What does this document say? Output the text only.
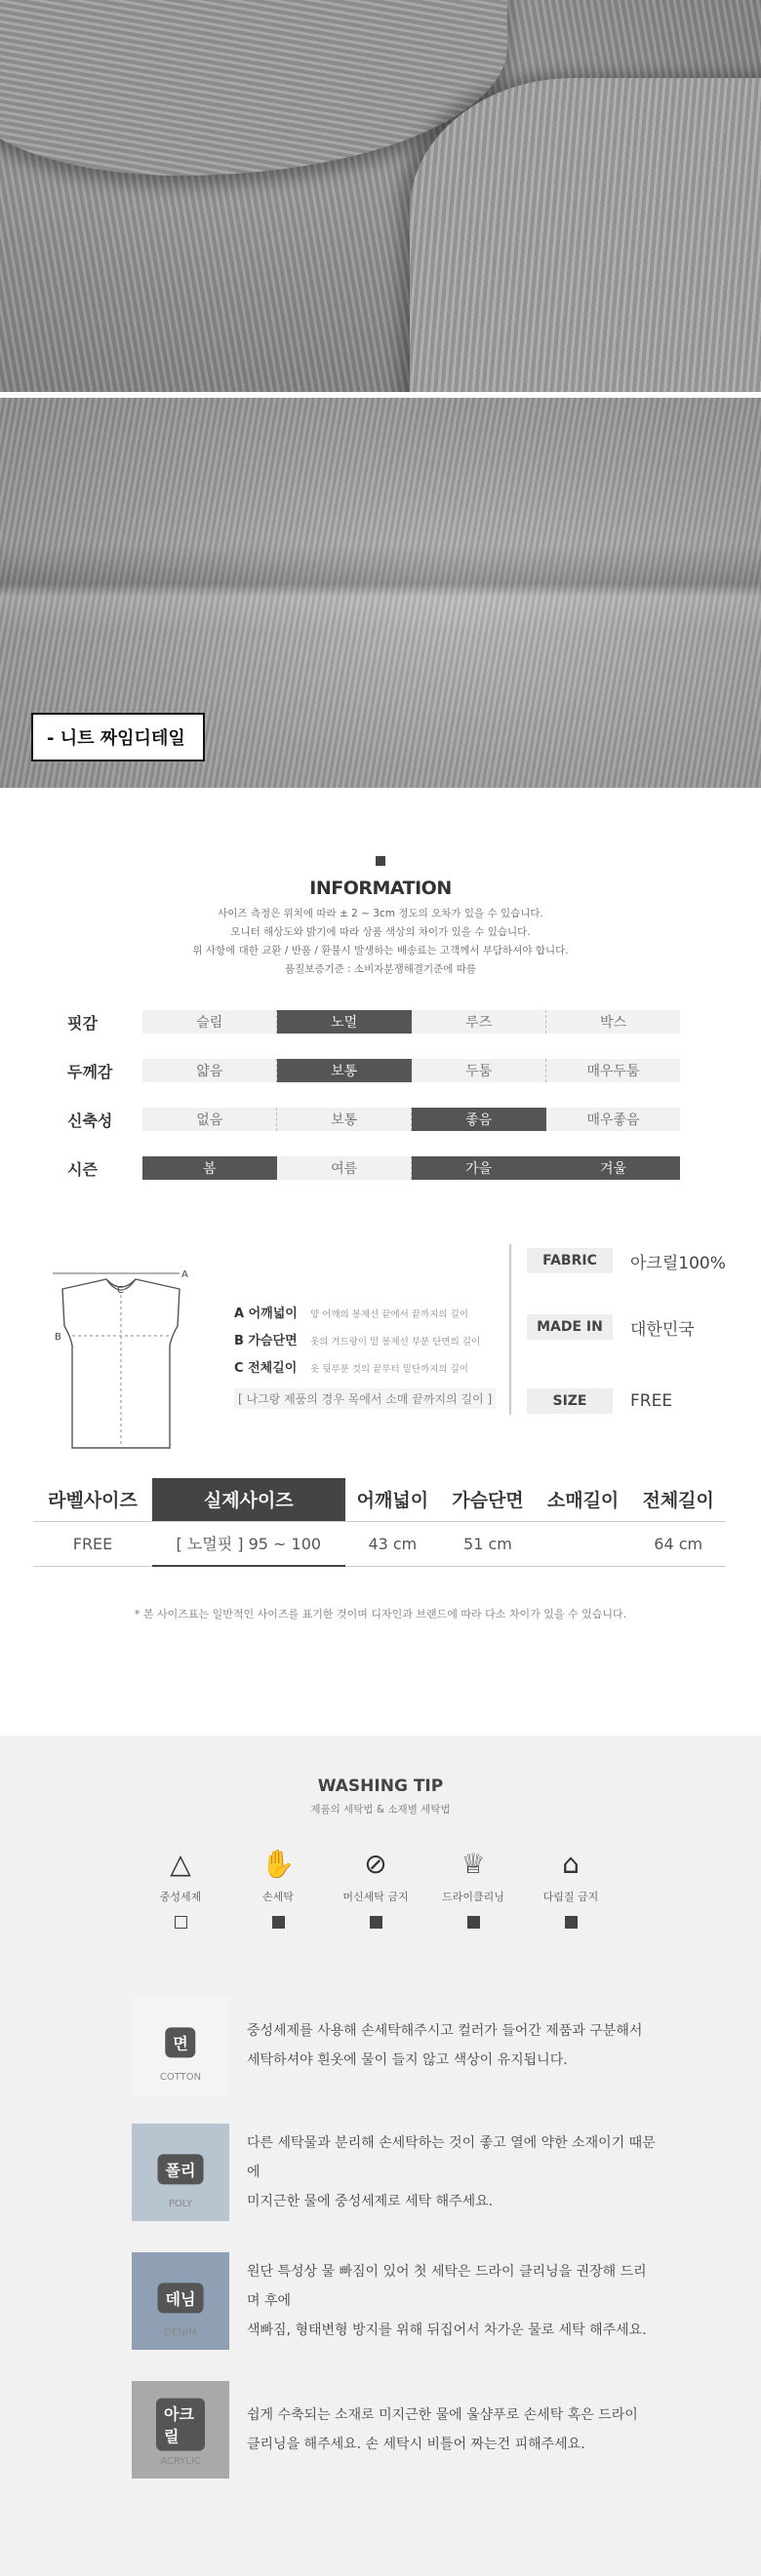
- 니트 짜임디테일
INFORMATION
사이즈 측정은 위치에 따라 ± 2 ~ 3cm 정도의 오차가 있을 수 있습니다.
모니터 해상도와 밝기에 따라 상품 색상의 차이가 있을 수 있습니다.
위 사항에 대한 교환 / 반품 / 환불시 발생하는 배송료는 고객께서 부담하셔야 합니다.
품질보증기준 : 소비자분쟁해결기준에 따름
핏감	슬림	노멀	루즈	박스
두께감	얇음	보통	두툼	매우두툼
신축성	없음	보통	좋음	매우좋음
시즌	봄	여름	가을	겨울
A
C
B
A 어깨넓이	양 어깨의 봉제선 끝에서 끝까지의 길이
B 가슴단면	옷의 겨드랑이 밑 봉제선 부분 단면의 길이
C 전체길이	옷 뒷부분 것의 끝부터 밑단까지의 길이
[ 나그랑 제품의 경우 목에서 소매 끝까지의 길이 ]
FABRIC	아크릴100%
MADE IN	대한민국
SIZE	FREE
라벨사이즈	실제사이즈	어깨넓이	가슴단면	소매길이	전체길이
FREE	[ 노멀핏 ] 95 ~ 100	43 cm	51 cm		64 cm
* 본 사이즈표는 일반적인 사이즈를 표기한 것이며 디자인과 브랜드에 따라 다소 차이가 있을 수 있습니다.
WASHING TIP
제품의 세탁법 & 소재별 세탁법
△
중성세제
✋
손세탁
⊘
머신세탁 금지
♕
드라이클리닝
⌂
다림질 금지
면
COTTON
중성세제를 사용해 손세탁해주시고 컬러가 들어간 제품과 구분해서
세탁하셔야 흰옷에 물이 들지 않고 색상이 유지됩니다.
폴리
POLY
다른 세탁물과 분리해 손세탁하는 것이 좋고 열에 약한 소재이기 때문에
미지근한 물에 중성세제로 세탁 해주세요.
데님
DENIM
원단 특성상 물 빠짐이 있어 첫 세탁은 드라이 클리닝을 권장해 드리며 후에
색빠짐, 형태변형 방지를 위해 뒤집어서 차가운 물로 세탁 해주세요.
아크릴
ACRYLIC
쉽게 수축되는 소재로 미지근한 물에 울샴푸로 손세탁 혹은 드라이
클리닝을 해주세요. 손 세탁시 비틀어 짜는건 피해주세요.
